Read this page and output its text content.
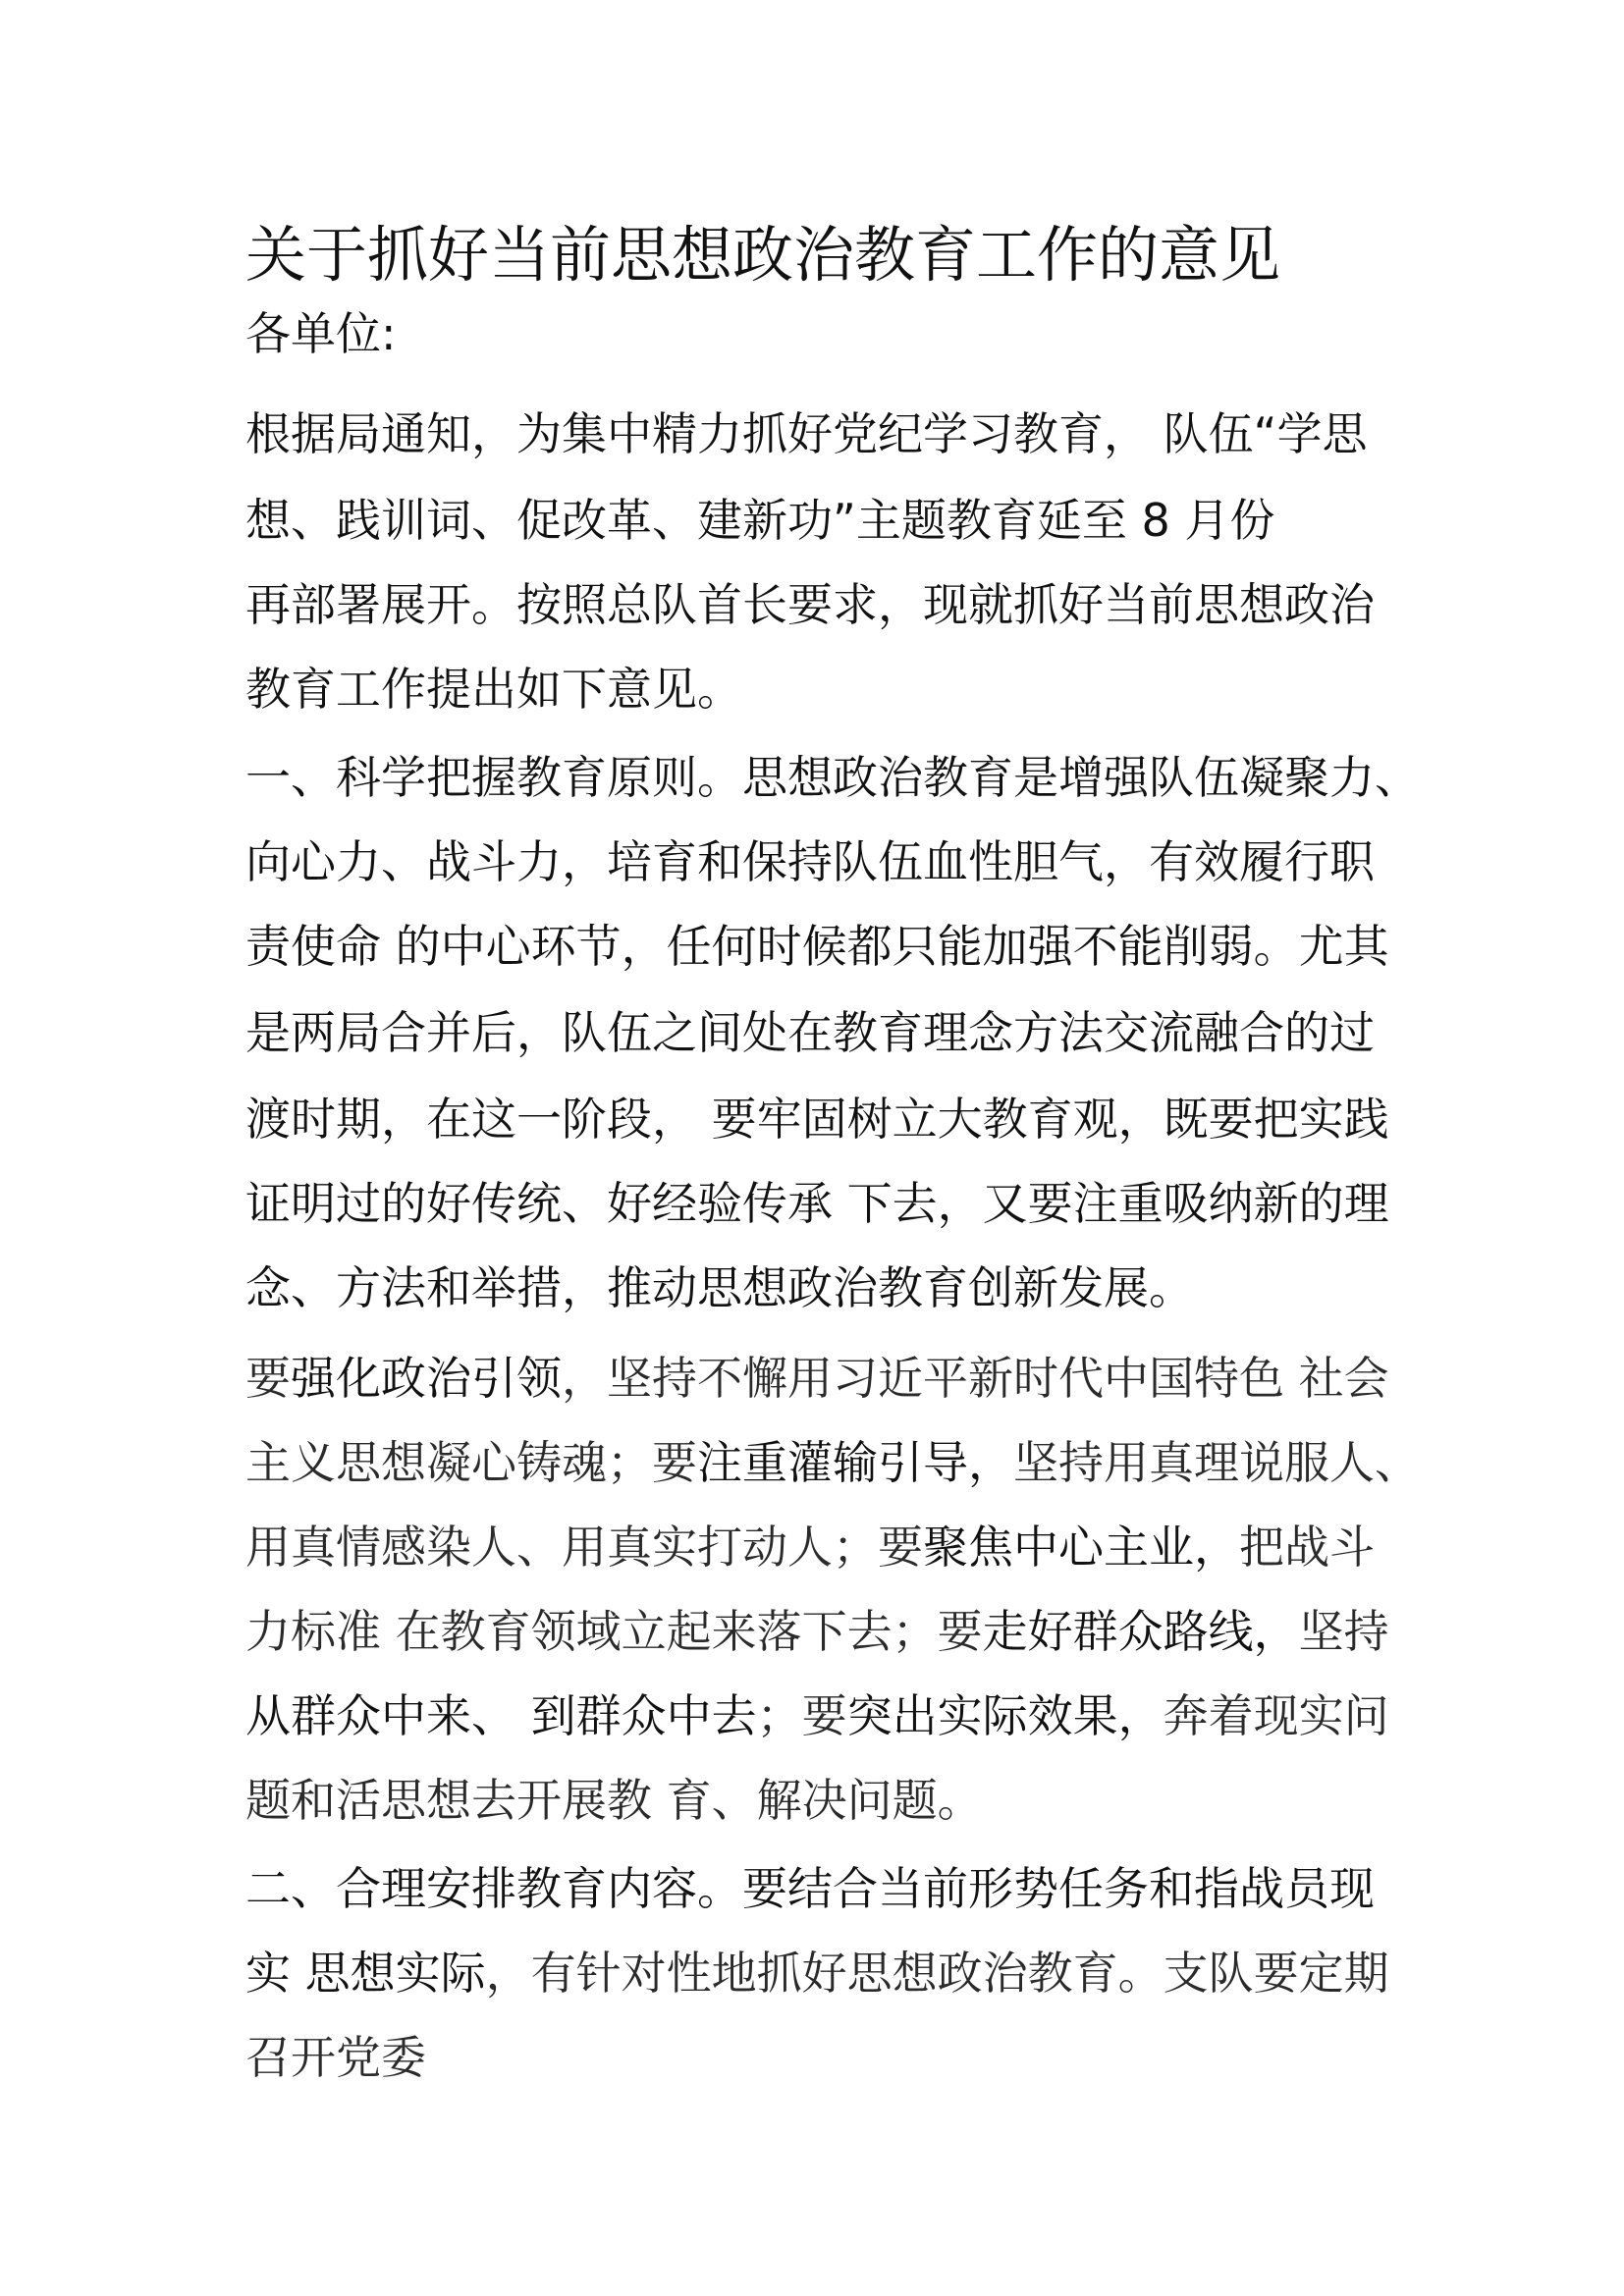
关于抓好当前思想政治教育工作的意见
各单位:
根据局通知，为集中精力抓好党纪学习教育， 队伍“学思
想、践训词、促改革、建新功”主题教育延至 8 月份
再部署展开。按照总队首长要求，现就抓好当前思想政治
教育工作提出如下意见。
一、科学把握教育原则。思想政治教育是增强队伍凝聚力、
向心力、战斗力，培育和保持队伍血性胆气，有效履行职
责使命 的中心环节，任何时候都只能加强不能削弱。尤其
是两局合并后，队伍之间处在教育理念方法交流融合的过
渡时期，在这一阶段， 要牢固树立大教育观，既要把实践
证明过的好传统、好经验传承 下去，又要注重吸纳新的理
念、方法和举措，推动思想政治教育创新发展。
要强化政治引领，坚持不懈用习近平新时代中国特色 社会
主义思想凝心铸魂；要注重灌输引导，坚持用真理说服人、
用真情感染人、用真实打动人；要聚焦中心主业，把战斗
力标准 在教育领域立起来落下去；要走好群众路线，坚持
从群众中来、 到群众中去；要突出实际效果，奔着现实问
题和活思想去开展教 育、解决问题。
二、合理安排教育内容。要结合当前形势任务和指战员现
实 思想实际，有针对性地抓好思想政治教育。支队要定期
召开党委
